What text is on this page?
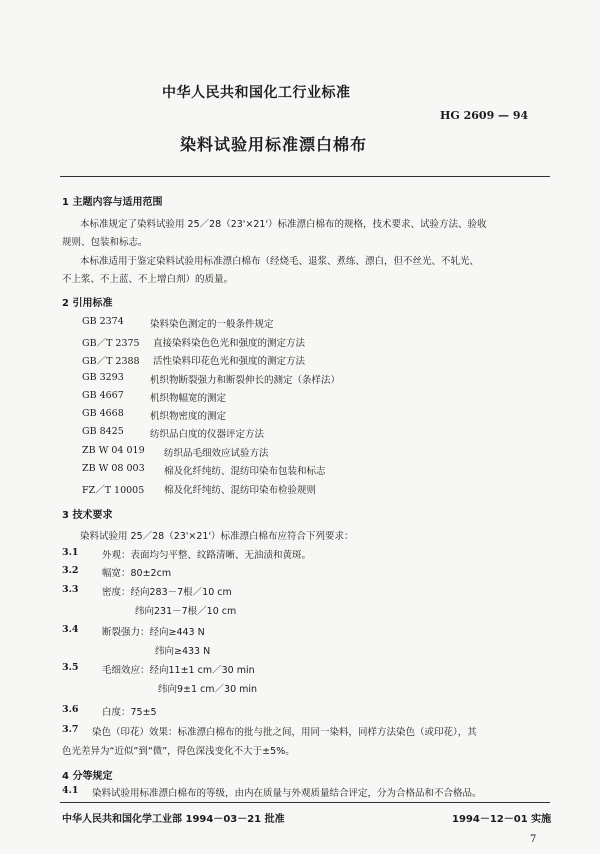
中华人民共和国化工行业标准
HG 2609 — 94
染料试验用标准漂白棉布
1 主题内容与适用范围
本标准规定了染料试验用 25／28（23'×21'）标准漂白棉布的规格，技术要求、试验方法、验收
规则、包装和标志。
本标准适用于鉴定染料试验用标准漂白棉布（经烧毛、退浆、煮练、漂白，但不丝光、不轧光、
不上浆、不上蓝、不上增白剂）的质量。
2 引用标准
GB 2374	染料染色测定的一般条件规定
GB／T 2375 直接染料染色色光和强度的测定方法
GB／T 2388 活性染料印花色光和强度的测定方法
GB 3293	机织物断裂强力和断裂伸长的测定（条样法）
GB 4667	机织物幅宽的测定
GB 4668	机织物密度的测定
GB 8425	纺织品白度的仪器评定方法
ZB W 04 019 纺织品毛细效应试验方法
ZB W 08 003 棉及化纤纯纺、混纺印染布包装和标志
FZ／T 10005 棉及化纤纯纺、混纺印染布检验规则
3 技术要求
染料试验用 25／28（23'×21'）标准漂白棉布应符合下列要求：
3.1 外观：表面均匀平整、纹路清晰、无油渍和黄斑。
3.2 幅宽：80±2cm
3.3 密度：经向283－7根／10 cm
纬向231－7根／10 cm
3.4 断裂强力：经向≥443 N
纬向≥433 N
3.5 毛细效应：经向11±1 cm／30 min
纬向9±1 cm／30 min
3.6 白度：75±5
3.7 染色（印花）效果：标准漂白棉布的批与批之间，用同一染料，同样方法染色（或印花），其
色光差异为“近似”到“微”，得色深浅变化不大于±5%。
4 分等规定
4.1 染料试验用标准漂白棉布的等级，由内在质量与外观质量结合评定，分为合格品和不合格品。
中华人民共和国化学工业部 1994－03－21 批准	1994－12－01 实施
7
